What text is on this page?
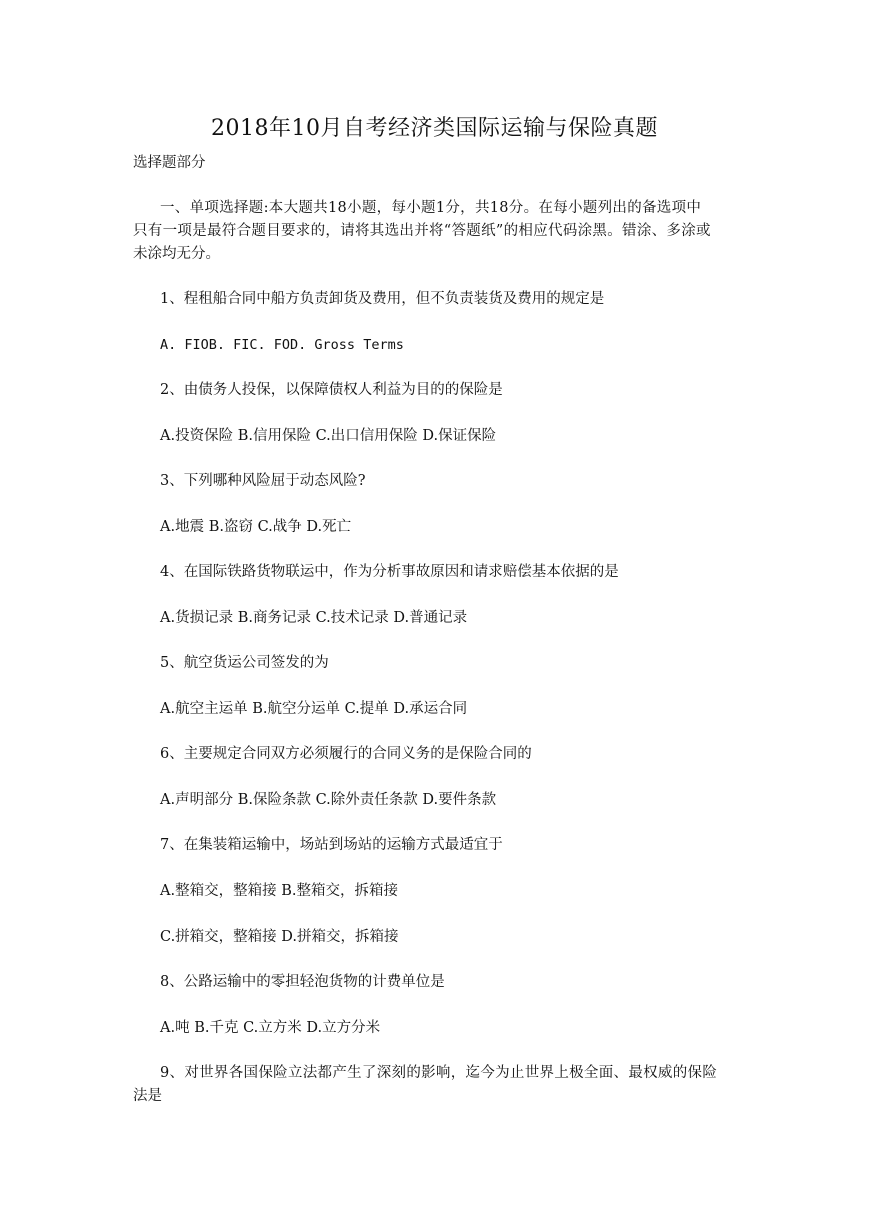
2018年10月自考经济类国际运输与保险真题
选择题部分
一、单项选择题:本大题共18小题，每小题1分，共18分。在每小题列出的备选项中
只有一项是最符合题目要求的，请将其选出并将“答题纸”的相应代码涂黑。错涂、多涂或
未涂均无分。
1、程租船合同中船方负责卸货及费用，但不负责装货及费用的规定是
A. FIOB. FIC. FOD. Gross Terms
2、由债务人投保，以保障债权人利益为目的的保险是
A.投资保险 B.信用保险 C.出口信用保险 D.保证保险
3、下列哪种风险屈于动态风险?
A.地震 B.盗窃 C.战争 D.死亡
4、在国际铁路货物联运中，作为分析事故原因和请求赔偿基本依据的是
A.货损记录 B.商务记录 C.技术记录 D.普通记录
5、航空货运公司签发的为
A.航空主运单 B.航空分运单 C.提单 D.承运合同
6、主要规定合同双方必须履行的合同义务的是保险合同的
A.声明部分 B.保险条款 C.除外责任条款 D.要件条款
7、在集装箱运输中，场站到场站的运输方式最适宜于
A.整箱交，整箱接 B.整箱交，拆箱接
C.拼箱交，整箱接 D.拼箱交，拆箱接
8、公路运输中的零担轻泡货物的计费单位是
A.吨 B.千克 C.立方米 D.立方分米
9、对世界各国保险立法都产生了深刻的影响，迄今为止世界上极全面、最权威的保险
法是
